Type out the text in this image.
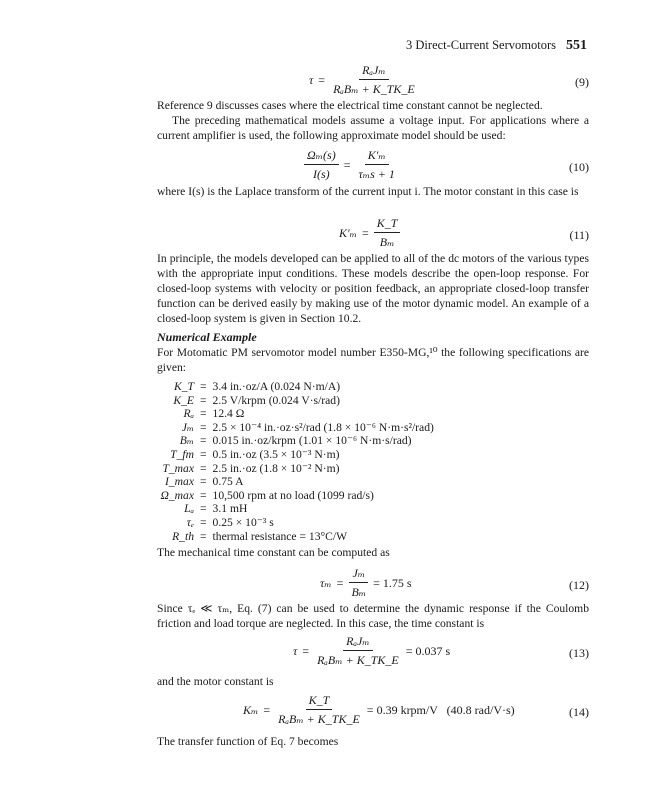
3 Direct-Current Servomotors 551
$\tau = \frac{\text{RₐJₘ}}{\text{RₐBₘ + K\_TK\_E}}$	(9)
Reference 9 discusses cases where the electrical time constant cannot be neglected.
The preceding mathematical models assume a voltage input. For applications where a current amplifier is used, the following approximate model should be used:
$\frac{\text{Ωₘ(s)}}{I(s)} = \frac{\text{K′ₘ}}{\text{τₘs + 1}}$	(10)
where I(s) is the Laplace transform of the current input i. The motor constant in this case is
$K'_m = \frac{K\_T}{\text{Bₘ}}$	(11)
In principle, the models developed can be applied to all of the dc motors of the various types with the appropriate input conditions. These models describe the open-loop response. For closed-loop systems with velocity or position feedback, an appropriate closed-loop transfer function can be derived easily by making use of the motor dynamic model. An example of a closed-loop system is given in Section 10.2.
Numerical Example
For Motomatic PM servomotor model number E350-MG,¹⁰ the following specifications are given:
K_T = 3.4 in.·oz/A (0.024 N·m/A)
K_E = 2.5 V/krpm (0.024 V·s/rad)
Rₐ = 12.4 Ω
Jₘ = 2.5 × 10⁻⁴ in.·oz·s²/rad (1.8 × 10⁻⁶ N·m·s²/rad)
Bₘ = 0.015 in.·oz/krpm (1.01 × 10⁻⁶ N·m·s/rad)
T_fm = 0.5 in.·oz (3.5 × 10⁻³ N·m)
T_max = 2.5 in.·oz (1.8 × 10⁻² N·m)
I_max = 0.75 A
Ω_max = 10,500 rpm at no load (1099 rad/s)
Lₐ = 3.1 mH
τₑ = 0.25 × 10⁻³ s
R_th = thermal resistance = 13°C/W
The mechanical time constant can be computed as
$\tau_m = \frac{\text{Jₘ}}{\text{Bₘ}} = 1.75$ s	(12)
Since τₑ ≪ τₘ, Eq. (7) can be used to determine the dynamic response if the Coulomb friction and load torque are neglected. In this case, the time constant is
$\tau = \frac{\text{RₐJₘ}}{\text{RₐBₘ + K\_TK\_E}} = 0.037$ s	(13)
and the motor constant is
$K_m = \frac{K\_T}{\text{RₐBₘ + K\_TK\_E}} = 0.39$ krpm/V   (40.8 rad/V·s)	(14)
The transfer function of Eq. 7 becomes
